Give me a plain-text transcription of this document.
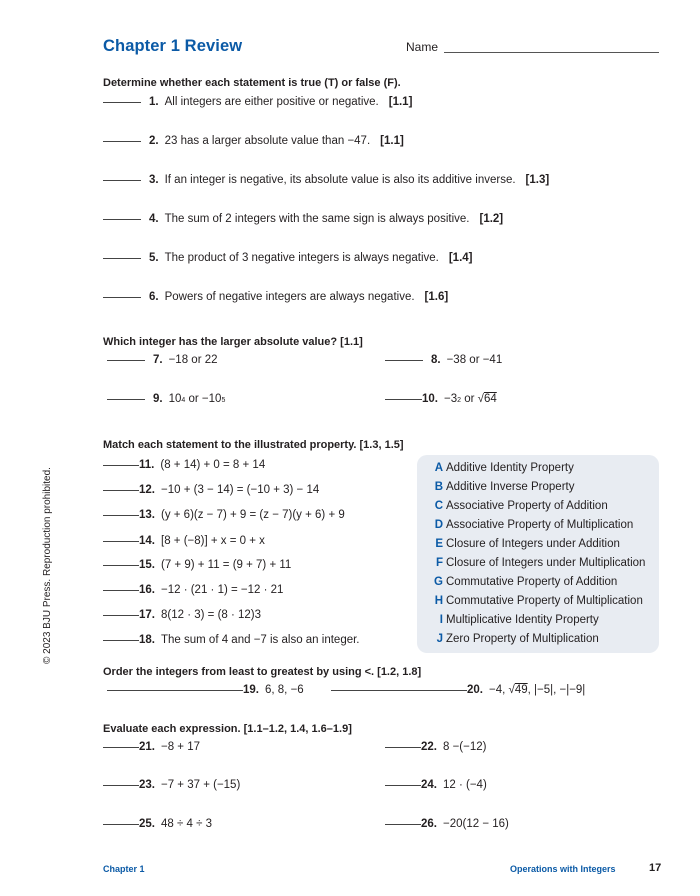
Chapter 1 Review	Name
© 2023 BJU Press. Reproduction prohibited.
Determine whether each statement is true (T) or false (F).
1. All integers are either positive or negative. [1.1]
2. 23 has a larger absolute value than −47. [1.1]
3. If an integer is negative, its absolute value is also its additive inverse. [1.3]
4. The sum of 2 integers with the same sign is always positive. [1.2]
5. The product of 3 negative integers is always negative. [1.4]
6. Powers of negative integers are always negative. [1.6]
Which integer has the larger absolute value? [1.1]
7. −18 or 22	8. −38 or −41
9. 10 4 or − 10 5	10. −3 2 or √ 64
Match each statement to the illustrated property. [1.3, 1.5]
11. (8 + 14) + 0 = 8 + 14
12. −10 + (3 − 14) = (−10 + 3) − 14
13. (y + 6)(z − 7) + 9 = (z − 7)(y + 6) + 9
14. [8 + (−8)] + x = 0 + x
15. (7 + 9) + 11 = (9 + 7) + 11
16. −12 · (21 · 1) = −12 · 21
17. 8(12 · 3) = (8 · 12)3
18. The sum of 4 and −7 is also an integer.
A Additive Identity Property
B Additive Inverse Property
C Associative Property of Addition
D Associative Property of Multiplication
E Closure of Integers under Addition
F Closure of Integers under Multiplication
G Commutative Property of Addition
H Commutative Property of Multiplication
I Multiplicative Identity Property
J Zero Property of Multiplication
Order the integers from least to greatest by using <. [1.2, 1.8]
19. 6, 8, −6	20. −4, √ 49 , |−5|, −|−9|
Evaluate each expression. [1.1–1.2, 1.4, 1.6–1.9]
21. −8 + 17	22. 8 −(−12)
23. −7 + 37 + (−15)	24. 12 · (−4)
25. 48 ÷ 4 ÷ 3	26. −20(12 − 16)
Chapter 1	Operations with Integers	17
